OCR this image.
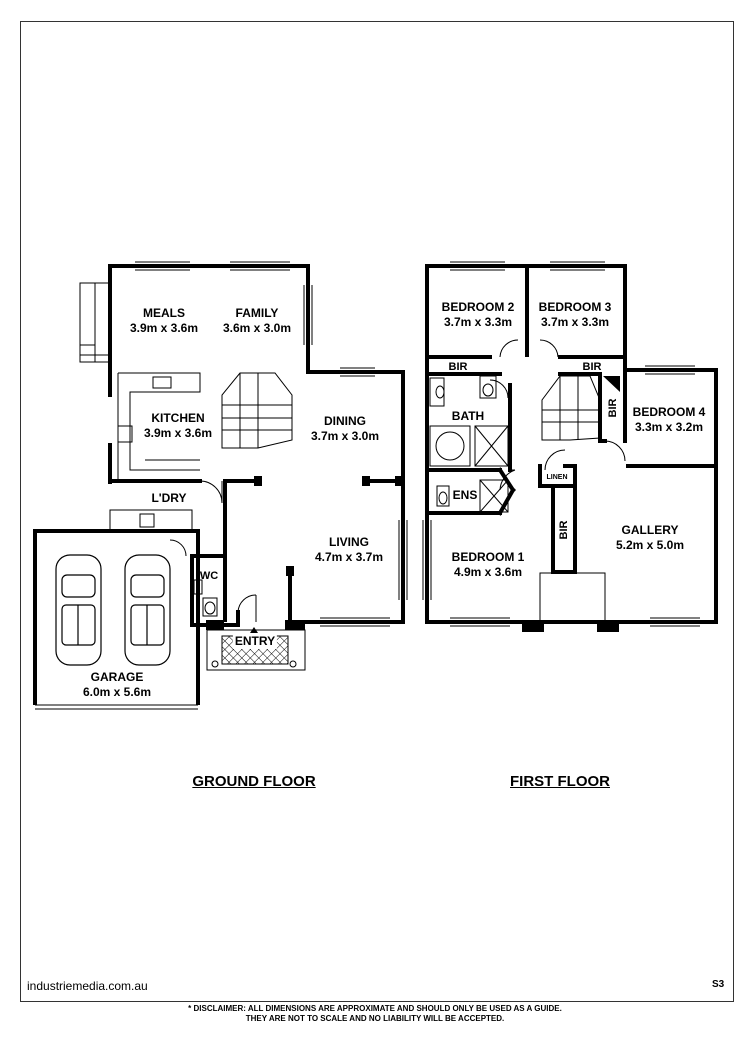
MEALS
3.9m x 3.6m
FAMILY
3.6m x 3.0m
KITCHEN
3.9m x 3.6m
DINING
3.7m x 3.0m
L'DRY
LIVING
4.7m x 3.7m
WC
ENTRY
GARAGE
6.0m x 5.6m
BEDROOM 2
3.7m x 3.3m
BEDROOM 3
3.7m x 3.3m
BIR	BIR
BATH	BIR BEDROOM 4
3.3m x 3.2m
ENS
LINEN
BIR	GALLERY
5.2m x 5.0m
BEDROOM 1
4.9m x 3.6m
GROUND FLOOR	FIRST FLOOR
industriemedia.com.au	S3
* DISCLAIMER: ALL DIMENSIONS ARE APPROXIMATE AND SHOULD ONLY BE USED AS A GUIDE.
THEY ARE NOT TO SCALE AND NO LIABILITY WILL BE ACCEPTED.
